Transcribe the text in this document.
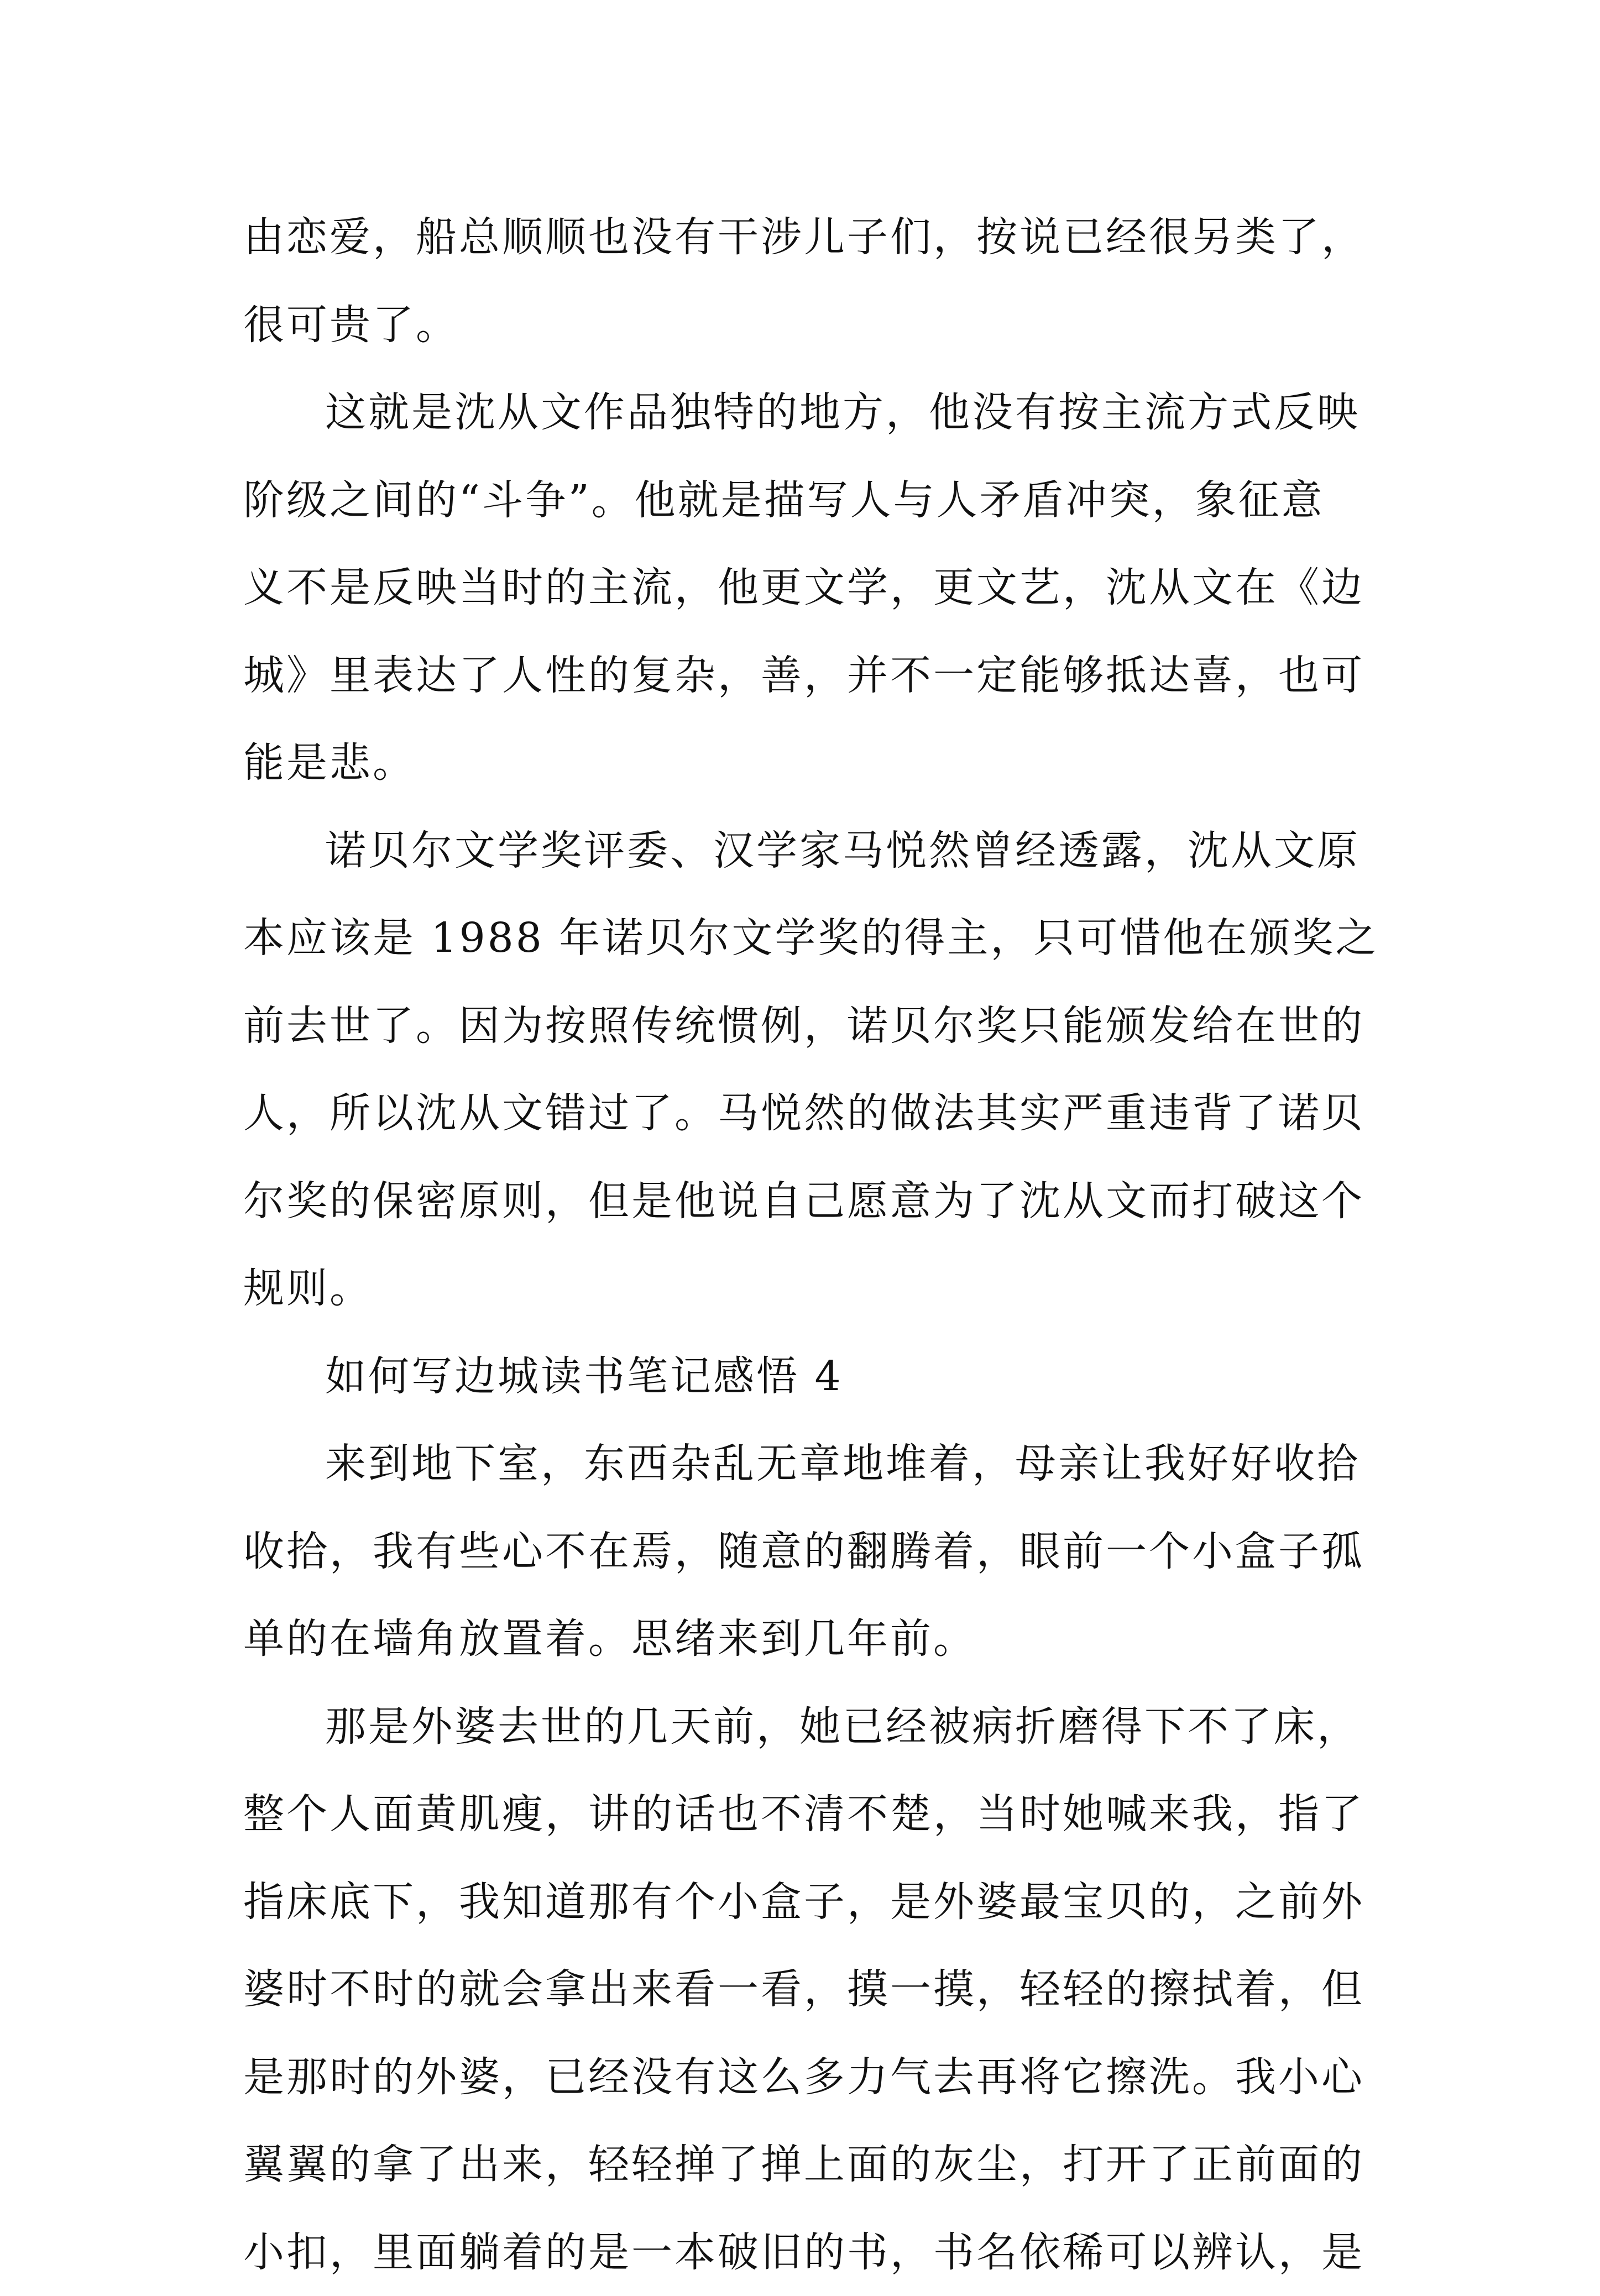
由恋爱，船总顺顺也没有干涉儿子们，按说已经很另类了，
很可贵了。

这就是沈从文作品独特的地方，他没有按主流方式反映
阶级之间的“斗争”。他就是描写人与人矛盾冲突，象征意
义不是反映当时的主流，他更文学，更文艺，沈从文在《边
城》里表达了人性的复杂，善，并不一定能够抵达喜，也可
能是悲。

诺贝尔文学奖评委、汉学家马悦然曾经透露，沈从文原
本应该是 1988 年诺贝尔文学奖的得主，只可惜他在颁奖之
前去世了。因为按照传统惯例，诺贝尔奖只能颁发给在世的
人，所以沈从文错过了。马悦然的做法其实严重违背了诺贝
尔奖的保密原则，但是他说自己愿意为了沈从文而打破这个
规则。

如何写边城读书笔记感悟 4

来到地下室，东西杂乱无章地堆着，母亲让我好好收拾
收拾，我有些心不在焉，随意的翻腾着，眼前一个小盒子孤
单的在墙角放置着。思绪来到几年前。

那是外婆去世的几天前，她已经被病折磨得下不了床，
整个人面黄肌瘦，讲的话也不清不楚，当时她喊来我，指了
指床底下，我知道那有个小盒子，是外婆最宝贝的，之前外
婆时不时的就会拿出来看一看，摸一摸，轻轻的擦拭着，但
是那时的外婆，已经没有这么多力气去再将它擦洗。我小心
翼翼的拿了出来，轻轻掸了掸上面的灰尘，打开了正前面的
小扣，里面躺着的是一本破旧的书，书名依稀可以辨认，是
